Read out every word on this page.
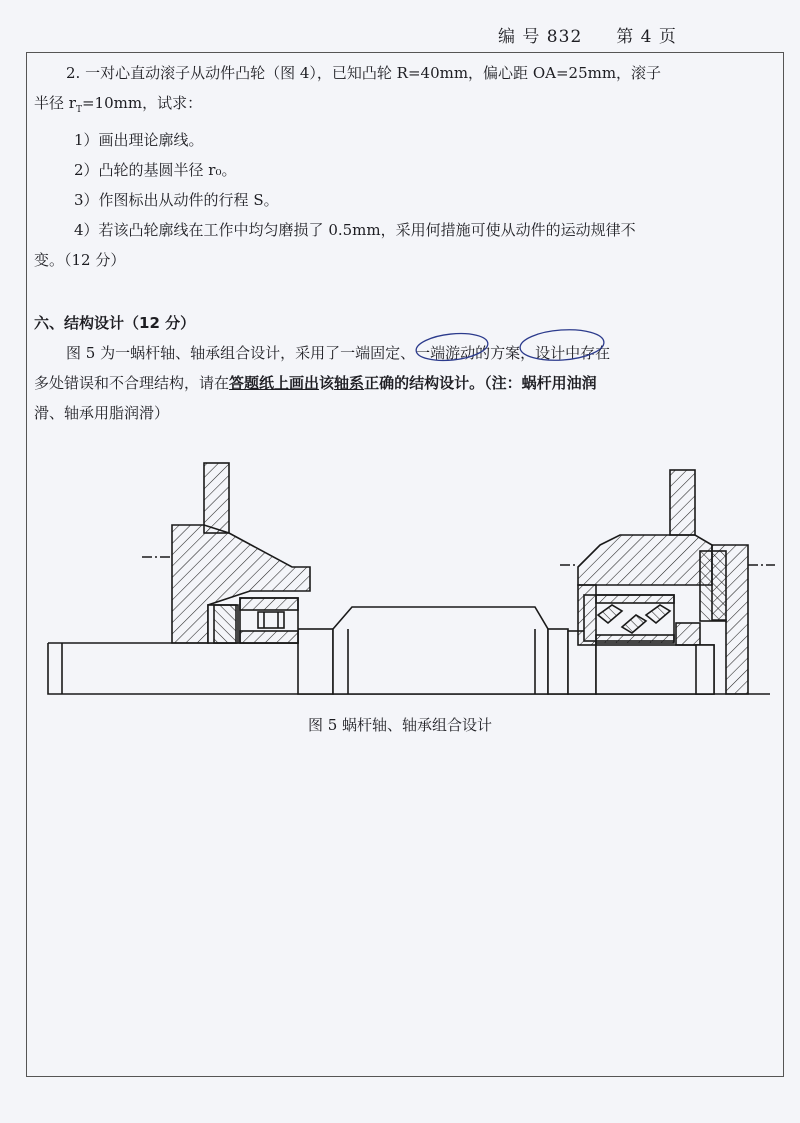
编 号 832 第 4 页

2. 一对心直动滚子从动件凸轮（图 4），已知凸轮 R=40mm，偏心距 OA=25mm，滚子

半径 $r_T=10mm$，试求：

1）画出理论廓线。

2）凸轮的基圆半径 r₀。

3）作图标出从动件的行程 S。

4）若该凸轮廓线在工作中均匀磨损了 0.5mm，采用何措施可使从动件的运动规律不

变。（12 分）

六、结构设计（12 分）

图 5 为一蜗杆轴、轴承组合设计，采用了一端固定、一端游动的方案，设计中存在

多处错误和不合理结构，请在答题纸上画出该轴系正确的结构设计。（注：蜗杆用油润

滑、轴承用脂润滑）

图 5 蜗杆轴、轴承组合设计
